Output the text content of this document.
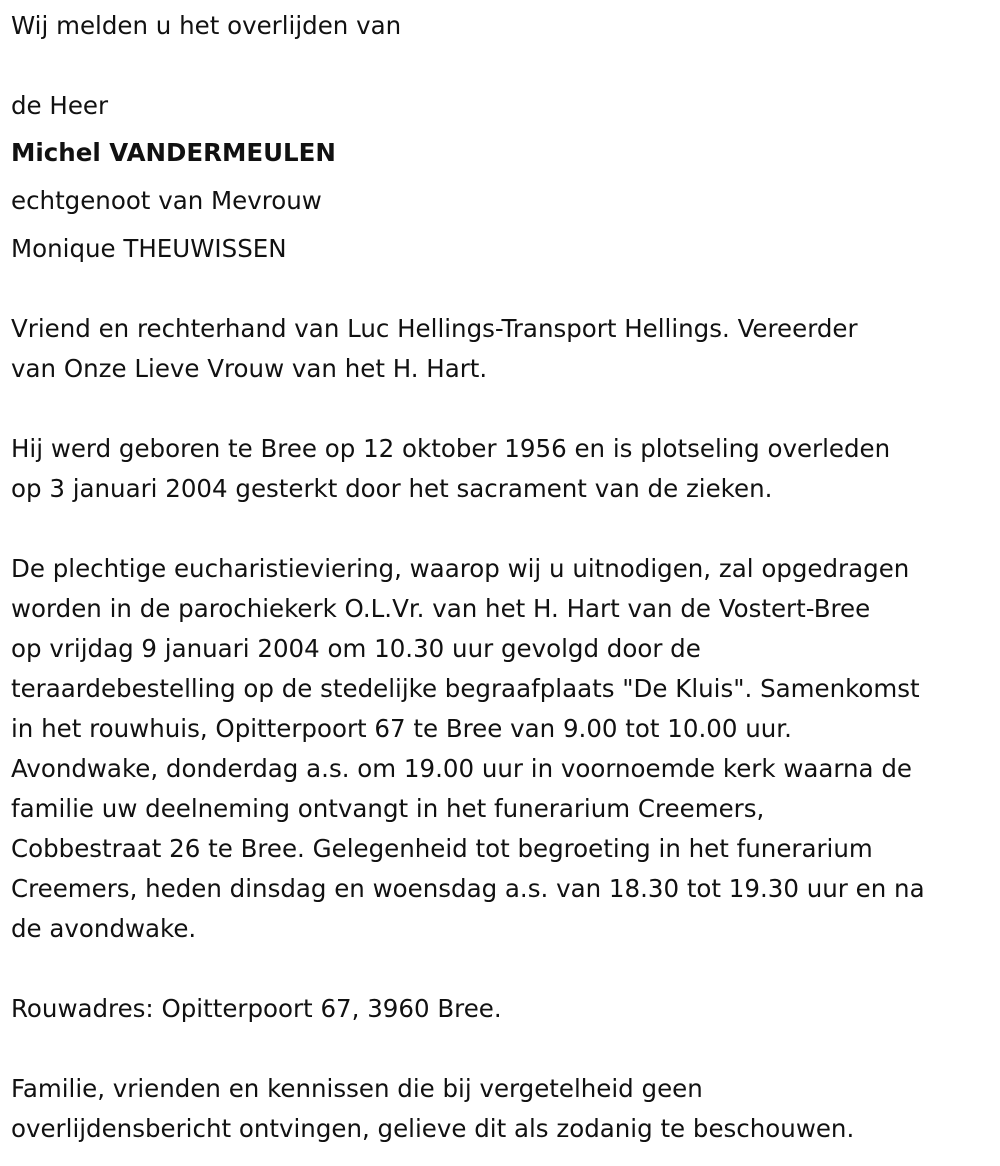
Wij melden u het overlijden van
de Heer
Michel VANDERMEULEN
echtgenoot van Mevrouw
Monique THEUWISSEN
Vriend en rechterhand van Luc Hellings-Transport Hellings. Vereerder
van Onze Lieve Vrouw van het H. Hart.
Hij werd geboren te Bree op 12 oktober 1956 en is plotseling overleden
op 3 januari 2004 gesterkt door het sacrament van de zieken.
De plechtige eucharistieviering, waarop wij u uitnodigen, zal opgedragen
worden in de parochiekerk O.L.Vr. van het H. Hart van de Vostert-Bree
op vrijdag 9 januari 2004 om 10.30 uur gevolgd door de
teraardebestelling op de stedelijke begraafplaats "De Kluis". Samenkomst
in het rouwhuis, Opitterpoort 67 te Bree van 9.00 tot 10.00 uur.
Avondwake, donderdag a.s. om 19.00 uur in voornoemde kerk waarna de
familie uw deelneming ontvangt in het funerarium Creemers,
Cobbestraat 26 te Bree. Gelegenheid tot begroeting in het funerarium
Creemers, heden dinsdag en woensdag a.s. van 18.30 tot 19.30 uur en na
de avondwake.
Rouwadres: Opitterpoort 67, 3960 Bree.
Familie, vrienden en kennissen die bij vergetelheid geen
overlijdensbericht ontvingen, gelieve dit als zodanig te beschouwen.
